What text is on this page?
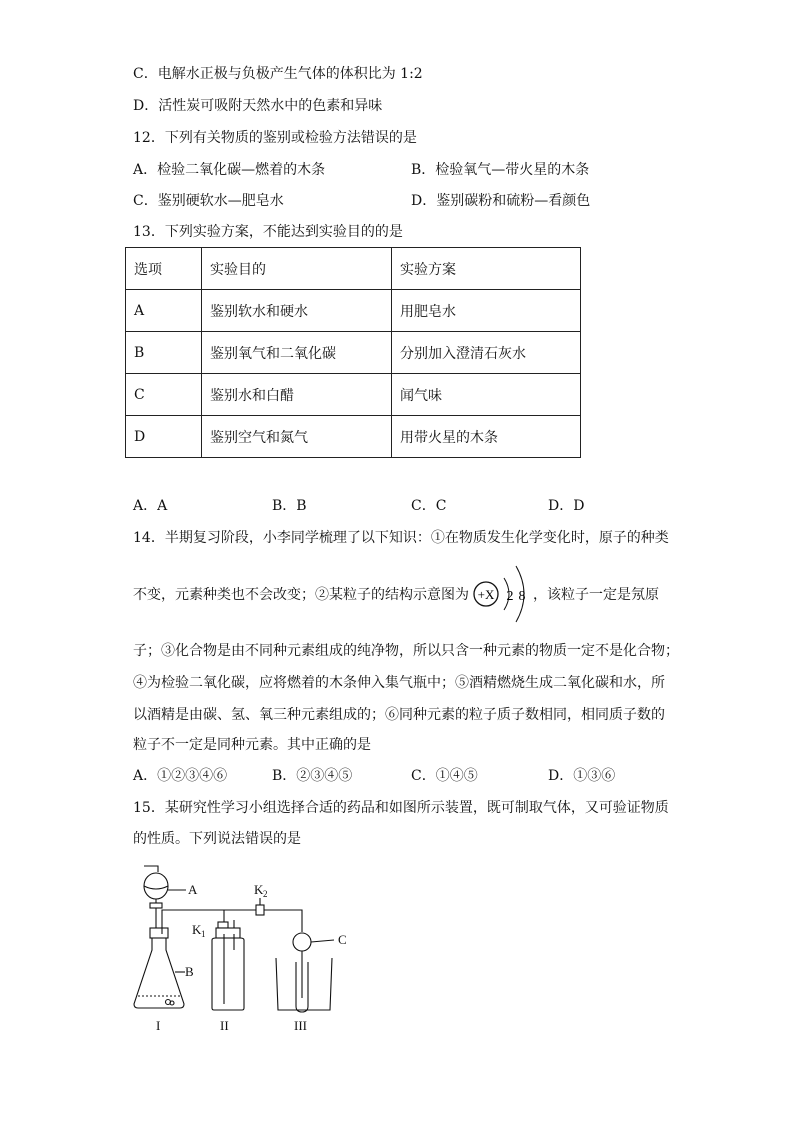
C．电解水正极与负极产生气体的体积比为 1:2
D．活性炭可吸附天然水中的色素和异味
12．下列有关物质的鉴别或检验方法错误的是
A．检验二氧化碳—燃着的木条	B．检验氧气—带火星的木条
C．鉴别硬软水—肥皂水	D．鉴别碳粉和硫粉—看颜色
13．下列实验方案，不能达到实验目的的是
选项	实验目的	实验方案
A	鉴别软水和硬水	用肥皂水
B	鉴别氧气和二氧化碳	分别加入澄清石灰水
C	鉴别水和白醋	闻气味
D	鉴别空气和氮气	用带火星的木条
A．A	B．B	C．C	D．D
14．半期复习阶段，小李同学梳理了以下知识：①在物质发生化学变化时，原子的种类
不变，元素种类也不会改变；②某粒子的结构示意图为 +X 2 8 ，该粒子一定是氖原
子；③化合物是由不同种元素组成的纯净物，所以只含一种元素的物质一定不是化合物；
④为检验二氧化碳，应将燃着的木条伸入集气瓶中；⑤酒精燃烧生成二氧化碳和水，所
以酒精是由碳、氢、氧三种元素组成的；⑥同种元素的粒子质子数相同，相同质子数的
粒子不一定是同种元素。其中正确的是
A．①②③④⑥	B．②③④⑤	C．①④⑤	D．①③⑥
15．某研究性学习小组选择合适的药品和如图所示装置，既可制取气体，又可验证物质
的性质。下列说法错误的是
A
B
C
K 2
K 1
I	II	III
